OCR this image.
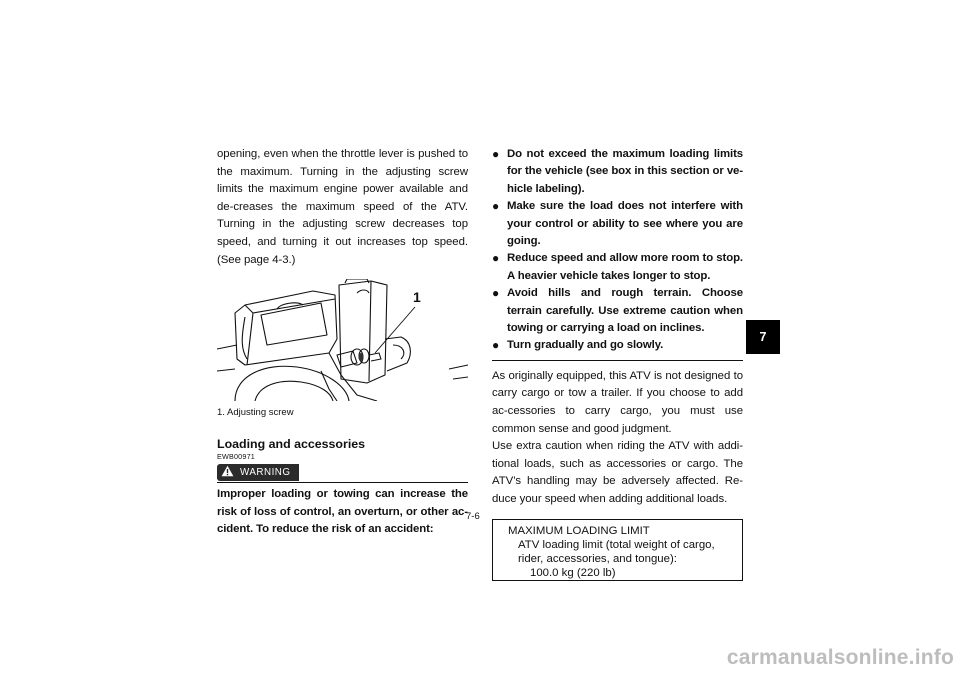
opening, even when the throttle lever is pushed to the maximum. Turning in the adjusting screw limits the maximum engine power available and de-creases the maximum speed of the ATV. Turning in the adjusting screw decreases top speed, and turning it out increases top speed. (See page 4-3.)

1
1. Adjusting screw
Loading and accessories
EWB00971
WARNING

Improper loading or towing can increase the risk of loss of control, an overturn, or other ac-cident. To reduce the risk of an accident:

● Do not exceed the maximum loading limits for the vehicle (see box in this section or ve-hicle labeling).
● Make sure the load does not interfere with your control or ability to see where you are going.
● Reduce speed and allow more room to stop. A heavier vehicle takes longer to stop.
● Avoid hills and rough terrain. Choose terrain carefully. Use extreme caution when towing or carrying a load on inclines.
● Turn gradually and go slowly.

As originally equipped, this ATV is not designed to carry cargo or tow a trailer. If you choose to add ac-cessories to carry cargo, you must use common sense and good judgment.

Use extra caution when riding the ATV with addi-tional loads, such as accessories or cargo. The ATV’s handling may be adversely affected. Re-duce your speed when adding additional loads.

MAXIMUM LOADING LIMIT
ATV loading limit (total weight of cargo, rider, accessories, and tongue):
100.0 kg (220 lb)
7
7-6
carmanualsonline.info
